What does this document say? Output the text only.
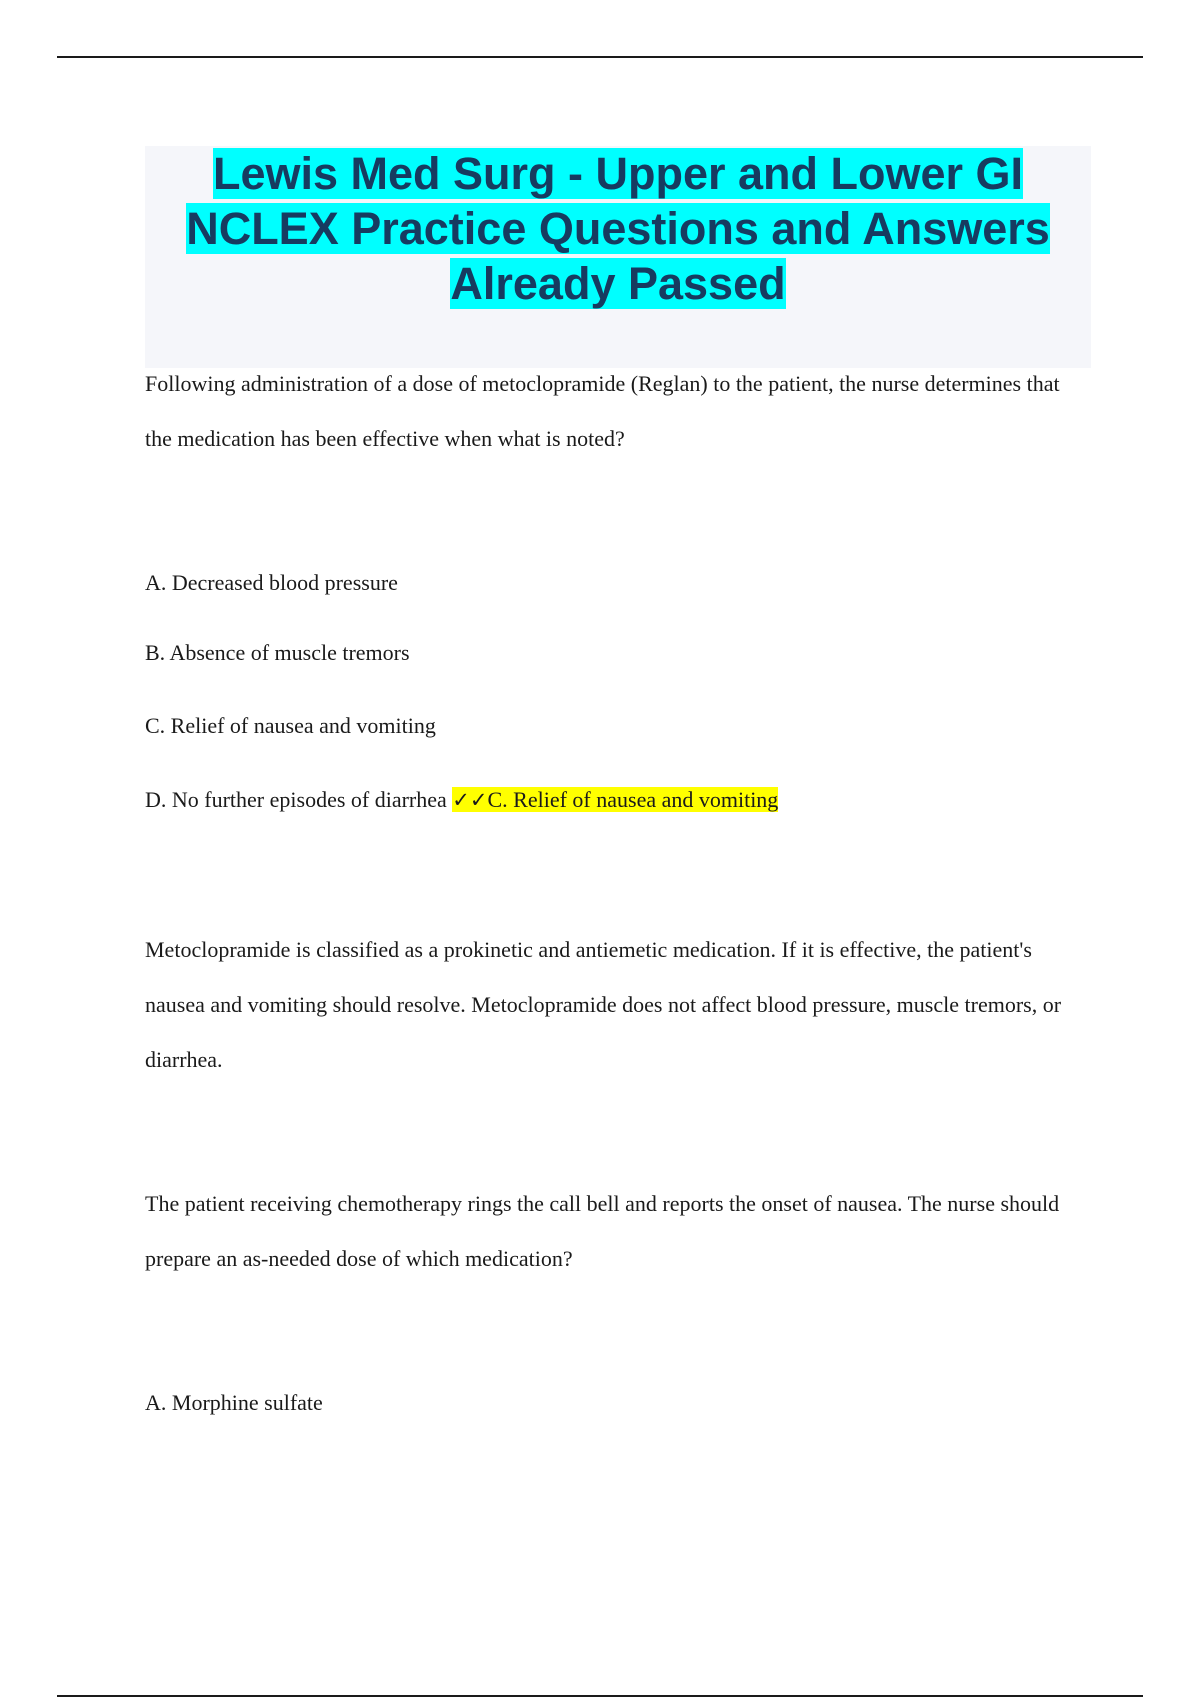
Lewis Med Surg - Upper and Lower GI
NCLEX Practice Questions and Answers
Already Passed

Following administration of a dose of metoclopramide (Reglan) to the patient, the nurse determines that the medication has been effective when what is noted?

A. Decreased blood pressure

B. Absence of muscle tremors

C. Relief of nausea and vomiting

D. No further episodes of diarrhea ✓✓C. Relief of nausea and vomiting

Metoclopramide is classified as a prokinetic and antiemetic medication. If it is effective, the patient's nausea and vomiting should resolve. Metoclopramide does not affect blood pressure, muscle tremors, or diarrhea.

The patient receiving chemotherapy rings the call bell and reports the onset of nausea. The nurse should prepare an as-needed dose of which medication?

A. Morphine sulfate
